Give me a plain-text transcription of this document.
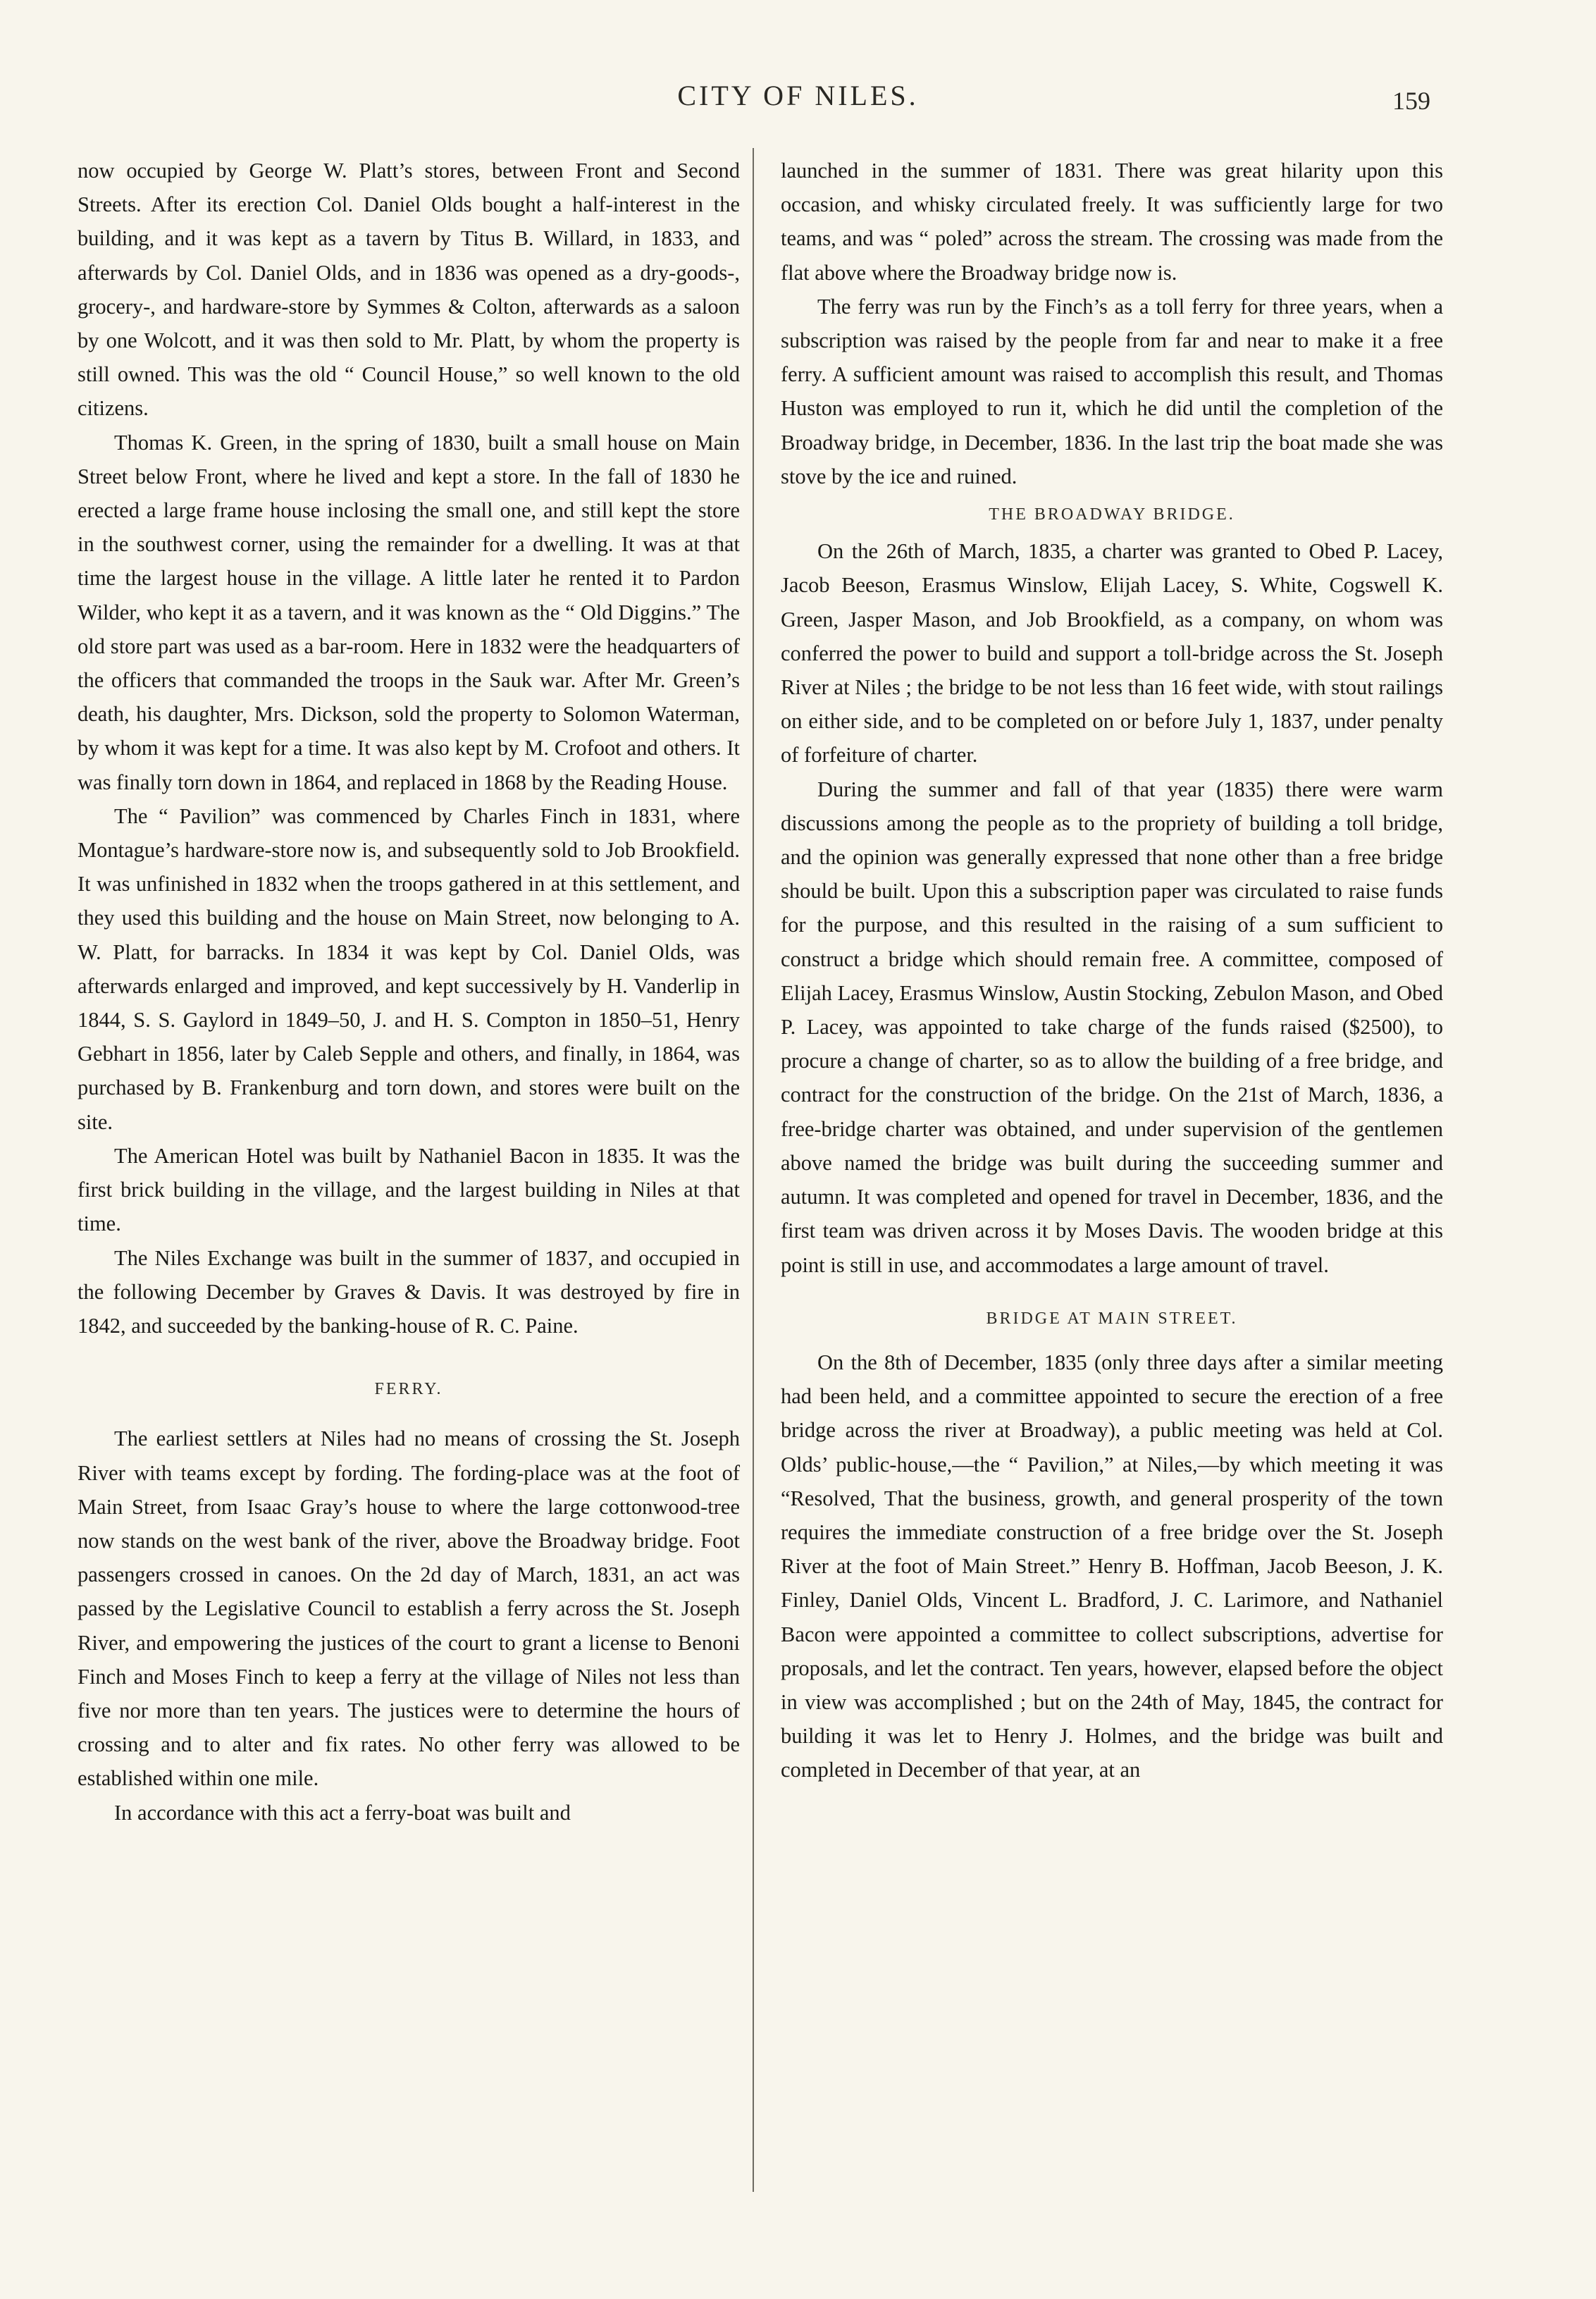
CITY OF NILES.	159

now occupied by George W. Platt’s stores, between Front and Second Streets. After its erection Col. Daniel Olds bought a half-interest in the building, and it was kept as a tavern by Titus B. Willard, in 1833, and afterwards by Col. Daniel Olds, and in 1836 was opened as a dry-goods-, grocery-, and hardware-store by Symmes & Colton, afterwards as a saloon by one Wolcott, and it was then sold to Mr. Platt, by whom the property is still owned. This was the old “ Council House,” so well known to the old citizens.

Thomas K. Green, in the spring of 1830, built a small house on Main Street below Front, where he lived and kept a store. In the fall of 1830 he erected a large frame house inclosing the small one, and still kept the store in the southwest corner, using the remainder for a dwelling. It was at that time the largest house in the village. A little later he rented it to Pardon Wilder, who kept it as a tavern, and it was known as the “ Old Diggins.” The old store part was used as a bar-room. Here in 1832 were the headquarters of the officers that commanded the troops in the Sauk war. After Mr. Green’s death, his daughter, Mrs. Dickson, sold the property to Solomon Waterman, by whom it was kept for a time. It was also kept by M. Crofoot and others. It was finally torn down in 1864, and replaced in 1868 by the Reading House.

The “ Pavilion” was commenced by Charles Finch in 1831, where Montague’s hardware-store now is, and subsequently sold to Job Brookfield. It was unfinished in 1832 when the troops gathered in at this settlement, and they used this building and the house on Main Street, now belonging to A. W. Platt, for barracks. In 1834 it was kept by Col. Daniel Olds, was afterwards enlarged and improved, and kept successively by H. Vanderlip in 1844, S. S. Gaylord in 1849–50, J. and H. S. Compton in 1850–51, Henry Gebhart in 1856, later by Caleb Sepple and others, and finally, in 1864, was purchased by B. Frankenburg and torn down, and stores were built on the site.

The American Hotel was built by Nathaniel Bacon in 1835. It was the first brick building in the village, and the largest building in Niles at that time.

The Niles Exchange was built in the summer of 1837, and occupied in the following December by Graves & Davis. It was destroyed by fire in 1842, and succeeded by the banking-house of R. C. Paine.

FERRY.

The earliest settlers at Niles had no means of crossing the St. Joseph River with teams except by fording. The fording-place was at the foot of Main Street, from Isaac Gray’s house to where the large cottonwood-tree now stands on the west bank of the river, above the Broadway bridge. Foot passengers crossed in canoes. On the 2d day of March, 1831, an act was passed by the Legislative Council to establish a ferry across the St. Joseph River, and empowering the justices of the court to grant a license to Benoni Finch and Moses Finch to keep a ferry at the village of Niles not less than five nor more than ten years. The justices were to determine the hours of crossing and to alter and fix rates. No other ferry was allowed to be established within one mile.

In accordance with this act a ferry-boat was built and

launched in the summer of 1831. There was great hilarity upon this occasion, and whisky circulated freely. It was sufficiently large for two teams, and was “ poled” across the stream. The crossing was made from the flat above where the Broadway bridge now is.

The ferry was run by the Finch’s as a toll ferry for three years, when a subscription was raised by the people from far and near to make it a free ferry. A sufficient amount was raised to accomplish this result, and Thomas Huston was employed to run it, which he did until the completion of the Broadway bridge, in December, 1836. In the last trip the boat made she was stove by the ice and ruined.

THE BROADWAY BRIDGE.

On the 26th of March, 1835, a charter was granted to Obed P. Lacey, Jacob Beeson, Erasmus Winslow, Elijah Lacey, S. White, Cogswell K. Green, Jasper Mason, and Job Brookfield, as a company, on whom was conferred the power to build and support a toll-bridge across the St. Joseph River at Niles ; the bridge to be not less than 16 feet wide, with stout railings on either side, and to be completed on or before July 1, 1837, under penalty of forfeiture of charter.

During the summer and fall of that year (1835) there were warm discussions among the people as to the propriety of building a toll bridge, and the opinion was generally expressed that none other than a free bridge should be built. Upon this a subscription paper was circulated to raise funds for the purpose, and this resulted in the raising of a sum sufficient to construct a bridge which should remain free. A committee, composed of Elijah Lacey, Erasmus Winslow, Austin Stocking, Zebulon Mason, and Obed P. Lacey, was appointed to take charge of the funds raised ($2500), to procure a change of charter, so as to allow the building of a free bridge, and contract for the construction of the bridge. On the 21st of March, 1836, a free-bridge charter was obtained, and under supervision of the gentlemen above named the bridge was built during the succeeding summer and autumn. It was completed and opened for travel in December, 1836, and the first team was driven across it by Moses Davis. The wooden bridge at this point is still in use, and accommodates a large amount of travel.

BRIDGE AT MAIN STREET.

On the 8th of December, 1835 (only three days after a similar meeting had been held, and a committee appointed to secure the erection of a free bridge across the river at Broadway), a public meeting was held at Col. Olds’ public-house,—the “ Pavilion,” at Niles,—by which meeting it was “Resolved, That the business, growth, and general prosperity of the town requires the immediate construction of a free bridge over the St. Joseph River at the foot of Main Street.” Henry B. Hoffman, Jacob Beeson, J. K. Finley, Daniel Olds, Vincent L. Bradford, J. C. Larimore, and Nathaniel Bacon were appointed a committee to collect subscriptions, advertise for proposals, and let the contract. Ten years, however, elapsed before the object in view was accomplished ; but on the 24th of May, 1845, the contract for building it was let to Henry J. Holmes, and the bridge was built and completed in December of that year, at an
